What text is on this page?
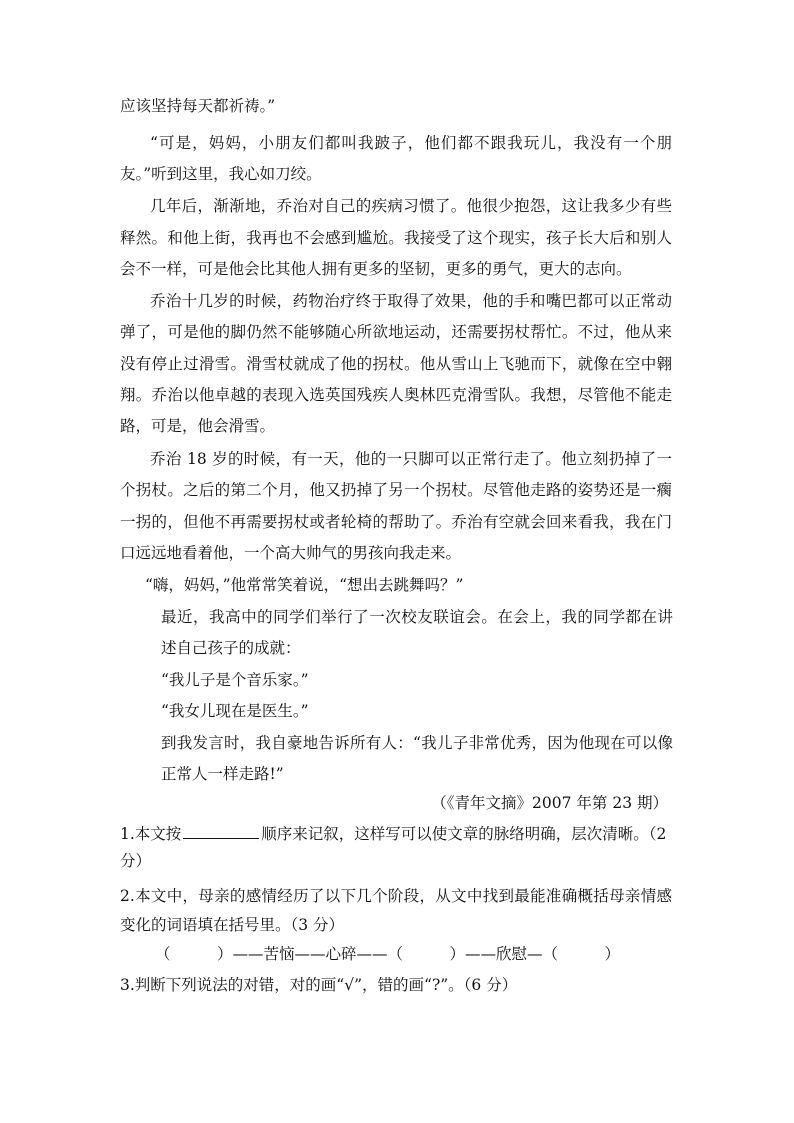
应该坚持每天都祈祷。”
“可是，妈妈，小朋友们都叫我跛子，他们都不跟我玩儿，我没有一个朋
友。”听到这里，我心如刀绞。
几年后，渐渐地，乔治对自己的疾病习惯了。他很少抱怨，这让我多少有些
释然。和他上街，我再也不会感到尴尬。我接受了这个现实，孩子长大后和别人
会不一样，可是他会比其他人拥有更多的坚韧，更多的勇气，更大的志向。
乔治十几岁的时候，药物治疗终于取得了效果，他的手和嘴巴都可以正常动
弹了，可是他的脚仍然不能够随心所欲地运动，还需要拐杖帮忙。不过，他从来
没有停止过滑雪。滑雪杖就成了他的拐杖。他从雪山上飞驰而下，就像在空中翱
翔。乔治以他卓越的表现入选英国残疾人奥林匹克滑雪队。我想，尽管他不能走
路，可是，他会滑雪。
乔治 18 岁的时候，有一天，他的一只脚可以正常行走了。他立刻扔掉了一
个拐杖。之后的第二个月，他又扔掉了另一个拐杖。尽管他走路的姿势还是一瘸
一拐的，但他不再需要拐杖或者轮椅的帮助了。乔治有空就会回来看我，我在门
口远远地看着他，一个高大帅气的男孩向我走来。
“嗨，妈妈，”他常常笑着说，“想出去跳舞吗？”
最近，我高中的同学们举行了一次校友联谊会。在会上，我的同学都在讲
述自己孩子的成就：
“我儿子是个音乐家。”
“我女儿现在是医生。”
到我发言时，我自豪地告诉所有人：“我儿子非常优秀，因为他现在可以像
正常人一样走路!”
（《青年文摘》2007 年第 23 期）
1.本文按	顺序来记叙，这样写可以使文章的脉络明确，层次清晰。（2
分）
2.本文中，母亲的感情经历了以下几个阶段，从文中找到最能准确概括母亲情感
变化的词语填在括号里。（3 分）
（　　　）——苦恼——心碎——（　　　）——欣慰—（　　　）
3.判断下列说法的对错，对的画“√”，错的画“?”。（6 分）
